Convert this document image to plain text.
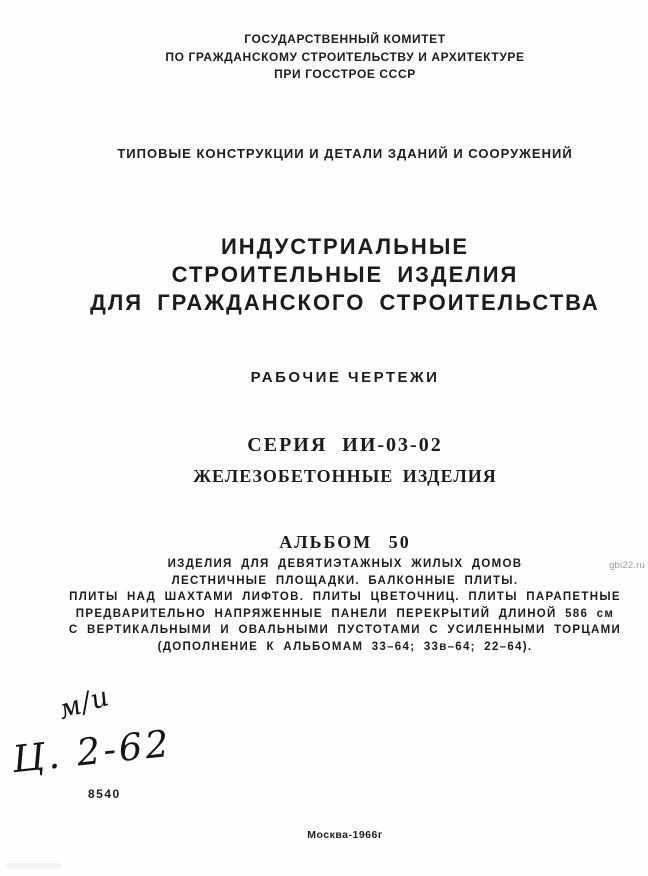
ГОСУДАРСТВЕННЫЙ КОМИТЕТ
ПО ГРАЖДАНСКОМУ СТРОИТЕЛЬСТВУ И АРХИТЕКТУРЕ
ПРИ ГОССТРОЕ СССР
ТИПОВЫЕ КОНСТРУКЦИИ И ДЕТАЛИ ЗДАНИЙ И СООРУЖЕНИЙ
ИНДУСТРИАЛЬНЫЕ
СТРОИТЕЛЬНЫЕ ИЗДЕЛИЯ
ДЛЯ ГРАЖДАНСКОГО СТРОИТЕЛЬСТВА
РАБОЧИЕ ЧЕРТЕЖИ
СЕРИЯ ИИ-03-02
ЖЕЛЕЗОБЕТОННЫЕ ИЗДЕЛИЯ
АЛЬБОМ 50
ИЗДЕЛИЯ ДЛЯ ДЕВЯТИЭТАЖНЫХ ЖИЛЫХ ДОМОВ
ЛЕСТНИЧНЫЕ ПЛОЩАДКИ. БАЛКОННЫЕ ПЛИТЫ.
ПЛИТЫ НАД ШАХТАМИ ЛИФТОВ. ПЛИТЫ ЦВЕТОЧНИЦ. ПЛИТЫ ПАРАПЕТНЫЕ
ПРЕДВАРИТЕЛЬНО НАПРЯЖЕННЫЕ ПАНЕЛИ ПЕРЕКРЫТИЙ ДЛИНОЙ 586 см
С ВЕРТИКАЛЬНЫМИ И ОВАЛЬНЫМИ ПУСТОТАМИ С УСИЛЕННЫМИ ТОРЦАМИ
(ДОПОЛНЕНИЕ К АЛЬБОМАМ 33–64; 33в–64; 22–64).
м/и
Ц. 2-62
8540
Москва-1966г
gbi22.ru
